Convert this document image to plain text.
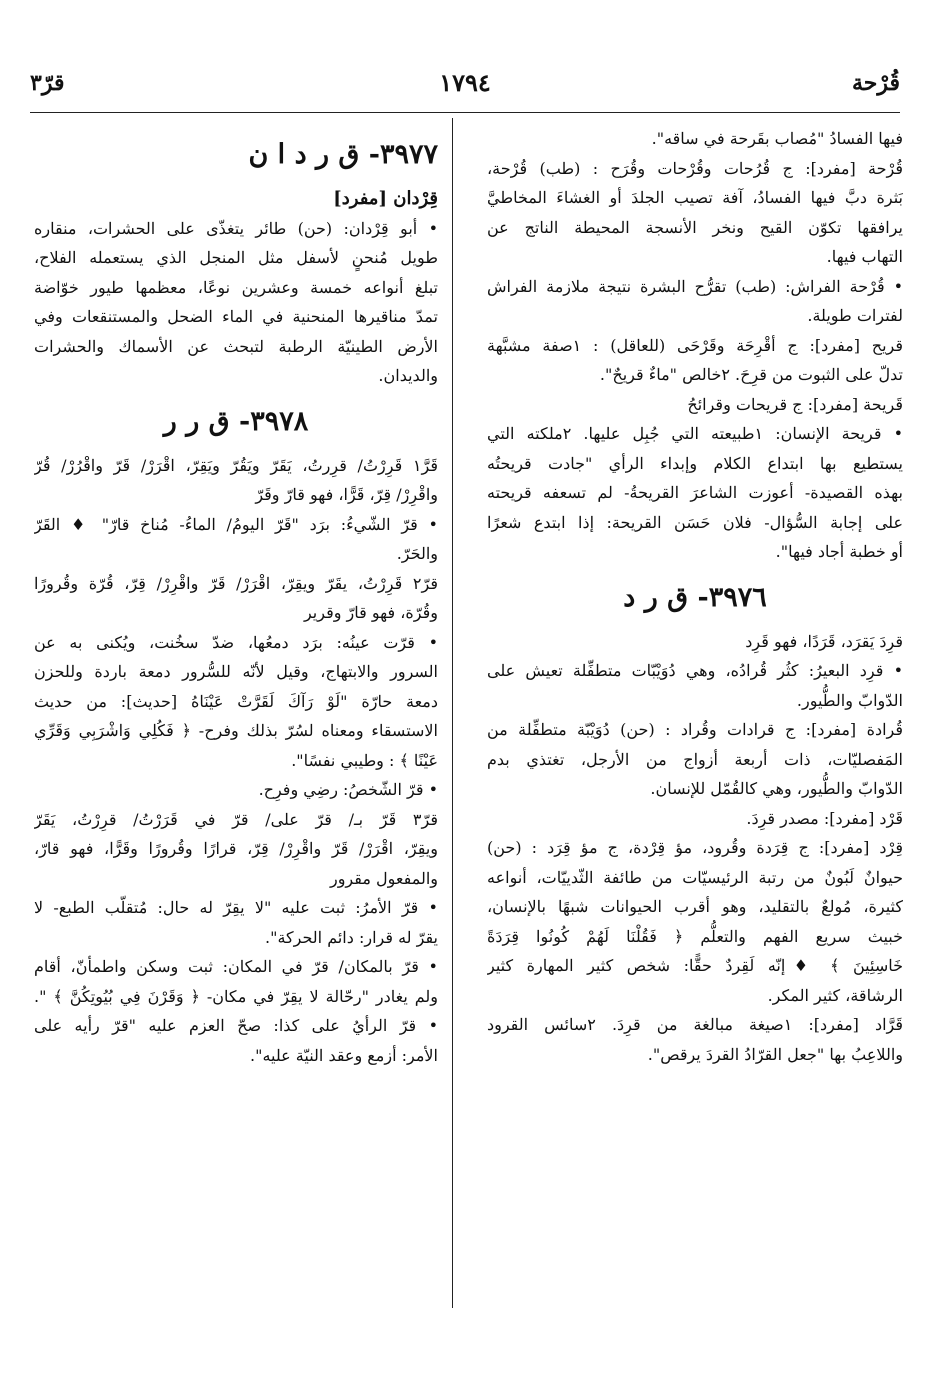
قُرْحة
١٧٩٤
قرّ٣
فيها الفسادُ "مُصاب بقَرحة في ساقه".
قُرْحة [مفرد]: ج قُرُحات وقُرْحات وقُرَح : (طب) قُرْحة،
بَثرة دبَّ فيها الفسادُ، آفة تصيب الجلدَ أو الغشاءَ المخاطيَّ
يرافقها تكوّن القيح ونخر الأنسجة المحيطة الناتج عن
التهاب فيها.
• قُرْحة الفراش: (طب) تقرُّح البشرة نتيجة ملازمة الفراش
لفترات طويلة.
قريح [مفرد]: ج أقْرِحَة وقَرْحَى (للعاقل) : ١صفة مشبَّهة
تدلّ على الثبوت من قرِحَ. ٢خالص "ماءٌ قريحٌ".
قَريحة [مفرد]: ج قريحات وقرائحُ
• قريحة الإنسان: ١طبيعته التي جُبِل عليها. ٢ملكته التي
يستطيع بها ابتداع الكلام وإبداء الرأي "جادت قريحتُه
بهذه القصيدة- أعوزت الشاعرَ القريحةُ- لم تسعفه قريحته
على إجابة السُّؤال- فلان حَسَن القريحة: إذا ابتدع شعرًا
أو خطبة أجاد فيها".
٣٩٧٦- ق ر د
قرِدَ يَقرَد، قَرَدًا، فهو قَرِد
• قرِد البعيرُ: كثُر قُرادُه، وهي دُوَيْبّات متطفِّلة تعيش على
الدّوابّ والطُّيور.
قُرادة [مفرد]: ج قرادات وقُراد : (حن) دُوَيْبّة متطفِّلة من
المَفصليّات، ذات أربعة أزواج من الأرجل، تغتذي بدم
الدّوابّ والطُّيور، وهي كالقُمّل للإنسان.
قَرْد [مفرد]: مصدر قرِدَ.
قِرْد [مفرد]: ج قِرَدة وقُرود، مؤ قِرْدة، ج مؤ قِرَد : (حن)
حيوانٌ لَبُونٌ من رتبة الرئيسيّات من طائفة الثّدييّات، أنواعه
كثيرة، مُولعٌ بالتقليد، وهو أقرب الحيوانات شبهًا بالإنسان،
خبيث سريع الفهم والتعلُّم ﴿ فَقُلْنَا لَهُمْ كُونُوا قِرَدَةً
خَاسِئِينَ ﴾ ♦إنّه لَقِردٌ حقًّا: شخص كثير المهارة كثير
الرشاقة، كثير المكر.
قَرَّاد [مفرد]: ١صيغة مبالغة من قرِدَ. ٢سائس القرود
واللاعِبُ بها "جعل القرّادُ القردَ يرقص".
٣٩٧٧- ق ر د ا ن
قِرْدان [مفرد]
• أبو قِرْدان: (حن) طائر يتغذّى على الحشرات، منقاره
طويل مُنحنٍ لأسفل مثل المنجل الذي يستعمله الفلاح،
تبلغ أنواعه خمسة وعشرين نوعًا، معظمها طيور خوّاضة
تمدّ مناقيرها المنحنية في الماء الضحل والمستنقعات وفي
الأرض الطينيّة الرطبة لتبحث عن الأسماك والحشرات
والديدان.
٣٩٧٨- ق ر ر
قَرَّ١ قَرِرْتُ/ قرِرتُ، يَقَرّ ويَقُرّ ويَقِرّ، اقْرَرْ/ قَرّ واقْرُرْ/ قُرّ
واقْرِرْ/ قِرّ، قَرًّا، فهو قارّ وقَرّ
• قرّ الشّيءُ: برَد "قَرّ اليومُ/ الماءُ- مُناخ قارّ" ♦ القَرّ
والحَرّ.
قرّ٢ قَرِرْتُ، يقَرّ ويقِرّ، اقْرَرْ/ قَرّ واقْرِرْ/ قِرّ، قُرّة وقُرورًا
وقُرّة، فهو قارّ وقرير
• قرّت عينُه: برَد دمعُها، ضدّ سخُنت، ويُكنى به عن
السرور والابتهاج، وقيل لأنّه للسُّرور دمعة باردة وللحزن
دمعة حارّة "لَوْ رَآكَ لَقَرَّتْ عَيْنَاهُ [حديث]: من حديث
الاستسقاء ومعناه لسُرّ بذلك وفرح- ﴿ فَكُلِي وَاشْرَبِي وَقَرِّي
عَيْنًا ﴾ : وطيبي نفسًا".
• قرّ الشّخصُ: رضِي وفرِح.
قرّ٣ قَرّ بـ/ قرّ على/ قرّ في قَرَرْتُ/ قرِرْتُ، يَقَرّ
ويقِرّ، اقْرَرْ/ قَرّ واقْرِرْ/ قِرّ، قرارًا وقُرورًا وقَرًّا، فهو قارّ،
والمفعول مقرور
• قرّ الأمرُ: ثبت عليه "لا يقِرّ له حال: مُتقلّب الطبع- لا
يقرّ له قرار: دائم الحركة".
• قرّ بالمكان/ قرّ في المكان: ثبت وسكن واطمأنّ، أقام
ولم يغادر "رحّالة لا يقِرّ في مكان- ﴿ وَقَرْنَ فِي بُيُوتِكُنَّ ﴾ ".
• قرّ الرأيُ على كذا: صحّ العزم عليه "قرّ رأيه على
الأمر: أزمع وعقد النيّة عليه".
